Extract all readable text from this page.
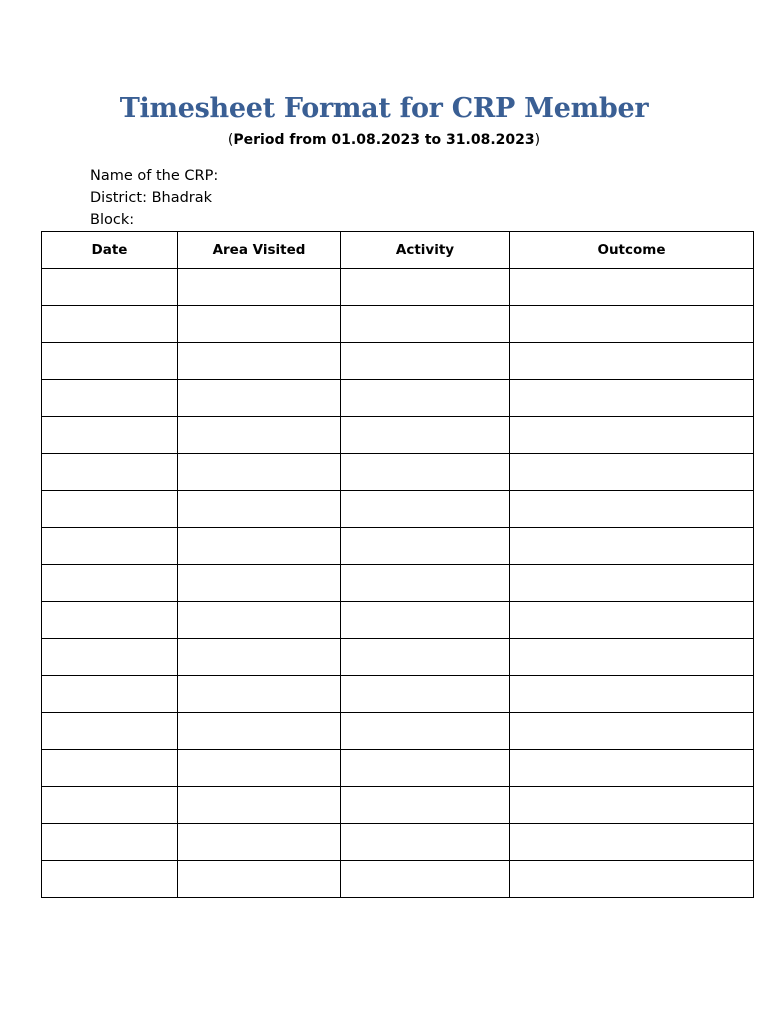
Timesheet Format for CRP Member
(Period from 01.08.2023 to 31.08.2023)
Name of the CRP:
District: Bhadrak
Block:
Date	Area Visited	Activity	Outcome
